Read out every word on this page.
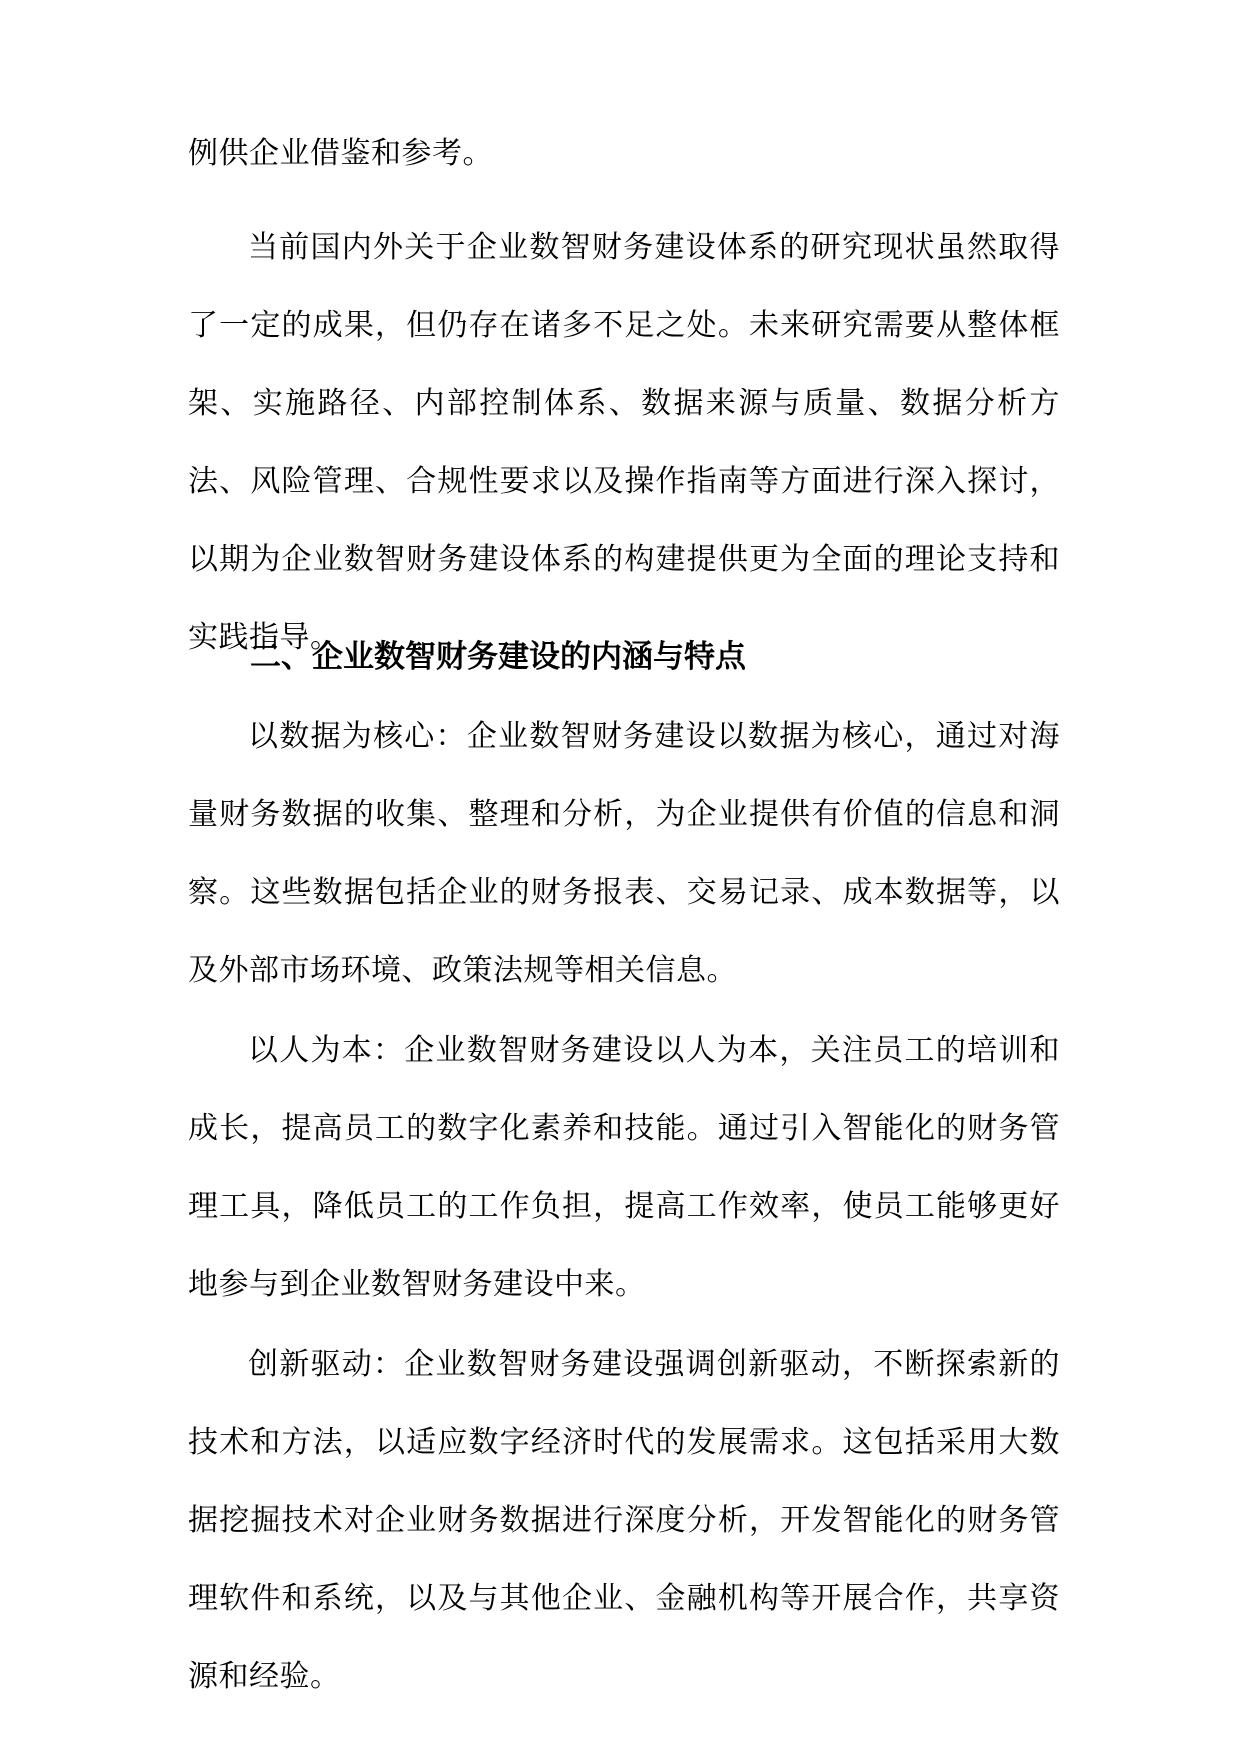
例供企业借鉴和参考。

当前国内外关于企业数智财务建设体系的研究现状虽然取得了一定的成果，但仍存在诸多不足之处。未来研究需要从整体框架、实施路径、内部控制体系、数据来源与质量、数据分析方法、风险管理、合规性要求以及操作指南等方面进行深入探讨，以期为企业数智财务建设体系的构建提供更为全面的理论支持和实践指导。

二、企业数智财务建设的内涵与特点

以数据为核心：企业数智财务建设以数据为核心，通过对海量财务数据的收集、整理和分析，为企业提供有价值的信息和洞察。这些数据包括企业的财务报表、交易记录、成本数据等，以及外部市场环境、政策法规等相关信息。

以人为本：企业数智财务建设以人为本，关注员工的培训和成长，提高员工的数字化素养和技能。通过引入智能化的财务管理工具，降低员工的工作负担，提高工作效率，使员工能够更好地参与到企业数智财务建设中来。

创新驱动：企业数智财务建设强调创新驱动，不断探索新的技术和方法，以适应数字经济时代的发展需求。这包括采用大数据挖掘技术对企业财务数据进行深度分析，开发智能化的财务管理软件和系统，以及与其他企业、金融机构等开展合作，共享资源和经验。
